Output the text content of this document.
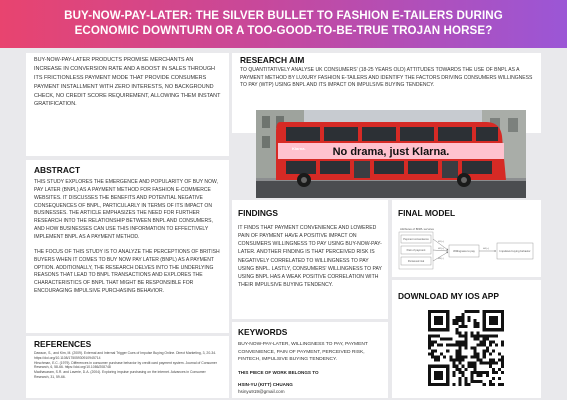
BUY-NOW-PAY-LATER: THE SILVER BULLET TO FASHION E-TAILERS DURING ECONOMIC DOWNTURN OR A TOO-GOOD-TO-BE-TRUE TROJAN HORSE?

BUY-NOW-PAY-LATER PRODUCTS PROMISE MERCHANTS AN INCREASE IN CONVERSION RATE AND A BOOST IN SALES THROUGH ITS FRICTIONLESS PAYMENT MODE THAT PROVIDE CONSUMERS PAYMENT INSTALLMENT WITH ZERO INTERESTS, NO BACKGROUND CHECK, NO CREDIT SCORE REQUIREMENT, ALLOWING THEM INSTANT GRATIFICATION.

ABSTRACT

THIS STUDY EXPLORES THE EMERGENCE AND POPULARITY OF BUY NOW, PAY LATER (BNPL) AS A PAYMENT METHOD FOR FASHION E-COMMERCE WEBSITES. IT DISCUSSES THE BENEFITS AND POTENTIAL NEGATIVE CONSEQUENCES OF BNPL, PARTICULARLY IN TERMS OF ITS IMPACT ON BUSINESSES. THE ARTICLE EMPHASIZES THE NEED FOR FURTHER RESEARCH INTO THE RELATIONSHIP BETWEEN BNPL AND CONSUMERS, AND HOW BUSINESSES CAN USE THIS INFORMATION TO EFFECTIVELY IMPLEMENT BNPL AS A PAYMENT METHOD.

THE FOCUS OF THIS STUDY IS TO ANALYZE THE PERCEPTIONS OF BRITISH BUYERS WHEN IT COMES TO BUY NOW PAY LATER (BNPL) AS A PAYMENT OPTION. ADDITIONALLY, THE RESEARCH DELVES INTO THE UNDERLYING REASONS THAT LEAD TO BNPL TRANSACTIONS AND EXPLORES THE CHARACTERISTICS OF BNPL THAT MIGHT BE RESPONSIBLE FOR ENCOURAGING IMPULSIVE PURCHASING BEHAVIOR.

REFERENCES

Dawson, S., and Kim, M. (2009). External and Internal Trigger Cues of Impulse Buying Online. Direct Marketing, 3, 20-34.

https://doi.org/10.1108/17505930910945714

Hirschman, E.C. (1979). Differences in consumer purchase behavior by credit card payment system. Journal of Consumer Research, 6, 58-66. https://doi.org/10.1086/208748

Madhavaram, S.R. and Laverie, D.A. (2004). Exploring impulse purchasing on the internet. Advances in Consumer Research, 31, 59-66.

RESEARCH AIM

TO QUANTITATIVELY ANALYSE UK CONSUMERS' (18-25 YEARS OLD) ATTITUDES TOWARDS THE USE OF BNPL AS A PAYMENT METHOD BY LUXURY FASHION E-TAILERS AND IDENTIFY THE FACTORS DRIVING CONSUMERS WILLINGNESS TO PAY (WTP) USING BNPL AND ITS IMPACT ON IMPULSIVE BUYING TENDENCY.

No drama, just Klarna.
Klarna.
FINDINGS

IT FINDS THAT PAYMENT CONVENIENCE AND LOWERED PAIN OF PAYMENT HAVE A POSITIVE IMPACT ON CONSUMERS WILLINGNESS TO PAY USING BUY-NOW-PAY-LATER. ANOTHER FINDING IS THAT PERCEIVED RISK IS NEGATIVELY CORRELATED TO WILLINGNESS TO PAY USING BNPL. LASTLY, CONSUMERS' WILLINGNESS TO PAY USING BNPL HAS A WEAK POSITIVE CORRELATION WITH THEIR IMPULSIVE BUYING TENDENCY.

FINAL MODEL
Attributes of BNPL services
Payment convenience
Pain of payment
Perceived risk
H1 (+)
H2 (+)
H3 (-)
Willingness to pay
H4 (+)
Impulsive buying behavior
DOWNLOAD MY IOS APP
KEYWORDS

BUY-NOW-PAY-LATER, WILLINGNESS TO PAY, PAYMENT CONVENIENCE, PAIN OF PAYMENT, PERCEIVED RISK, FINTECH, IMPULSIVE BUYING TENDENCY.

THIS PIECE OF WORK BELONGS TO

HSIN-YU (KITT) CHUANG

hsinyu919@gmail.com
